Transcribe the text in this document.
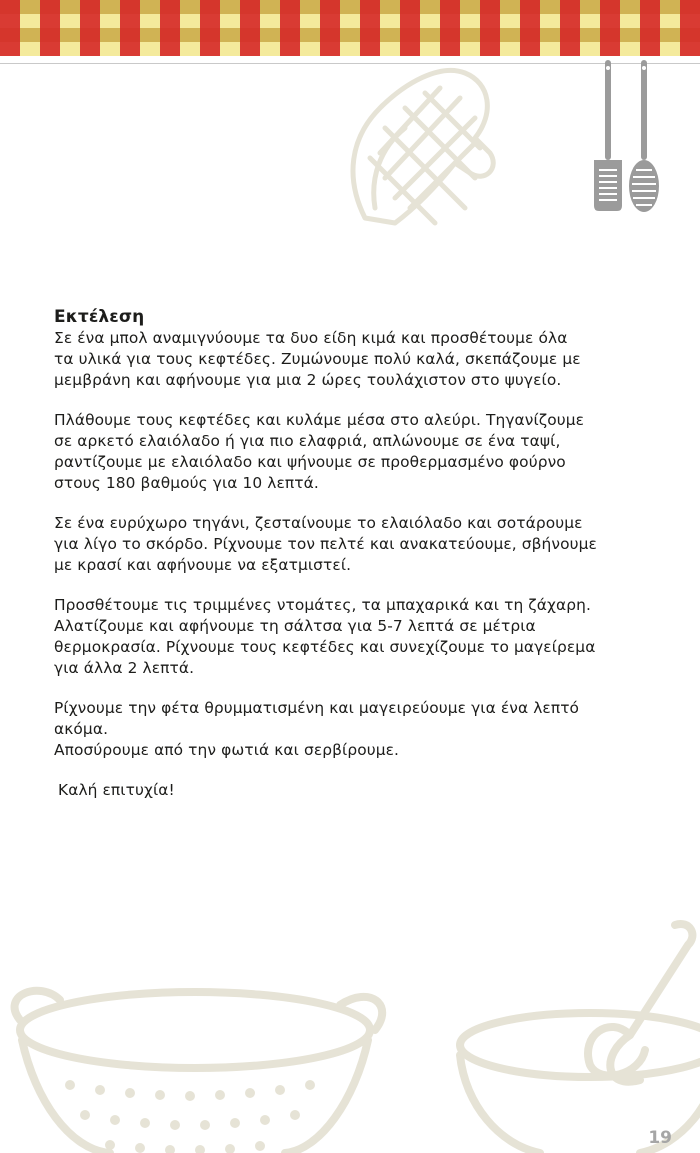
Εκτέλεση

Σε ένα μπολ αναμιγνύουμε τα δυο είδη κιμά και προσθέτουμε όλα

τα υλικά για τους κεφτέδες. Ζυμώνουμε πολύ καλά, σκεπάζουμε με

μεμβράνη και αφήνουμε για μια 2 ώρες τουλάχιστον στο ψυγείο.

Πλάθουμε τους κεφτέδες και κυλάμε μέσα στο αλεύρι. Τηγανίζουμε

σε αρκετό ελαιόλαδο ή για πιο ελαφριά, απλώνουμε σε ένα ταψί,

ραντίζουμε με ελαιόλαδο και ψήνουμε σε προθερμασμένο φούρνο

στους 180 βαθμούς για 10 λεπτά.

Σε ένα ευρύχωρο τηγάνι, ζεσταίνουμε το ελαιόλαδο και σοτάρουμε

για λίγο το σκόρδο. Ρίχνουμε τον πελτέ και ανακατεύουμε, σβήνουμε

με κρασί και αφήνουμε να εξατμιστεί.

Προσθέτουμε τις τριμμένες ντομάτες, τα μπαχαρικά και τη ζάχαρη.

Αλατίζουμε και αφήνουμε τη σάλτσα για 5-7 λεπτά σε μέτρια

θερμοκρασία. Ρίχνουμε τους κεφτέδες και συνεχίζουμε το μαγείρεμα

για άλλα 2 λεπτά.

Ρίχνουμε την φέτα θρυμματισμένη και μαγειρεύουμε για ένα λεπτό

ακόμα.

Αποσύρουμε από την φωτιά και σερβίρουμε.

Καλή επιτυχία!
19
